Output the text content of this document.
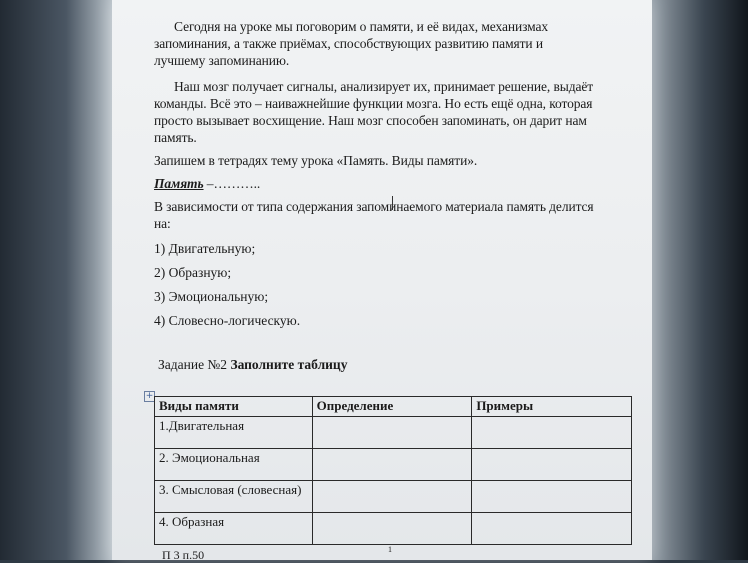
Сегодня на уроке мы поговорим о памяти, и её видах, механизмах запоминания, а также приёмах, способствующих развитию памяти и лучшему запоминанию.
Наш мозг получает сигналы, анализирует их, принимает решение, выдаёт команды. Всё это – наиважнейшие функции мозга. Но есть ещё одна, которая просто вызывает восхищение. Наш мозг способен запоминать, он дарит нам память.
Запишем в тетрадях тему урока «Память. Виды памяти».
Память –………..
В зависимости от типа содержания запоминаемого материала память делится на:
1) Двигательную;
2) Образную;
3) Эмоциональную;
4) Словесно-логическую.
Задание №2 Заполните таблицу
+
Виды памяти	Определение	Примеры
1.Двигательная		
2. Эмоциональная		
3. Смысловая (словесная)		
4. Образная		
П 3 п.50	1
